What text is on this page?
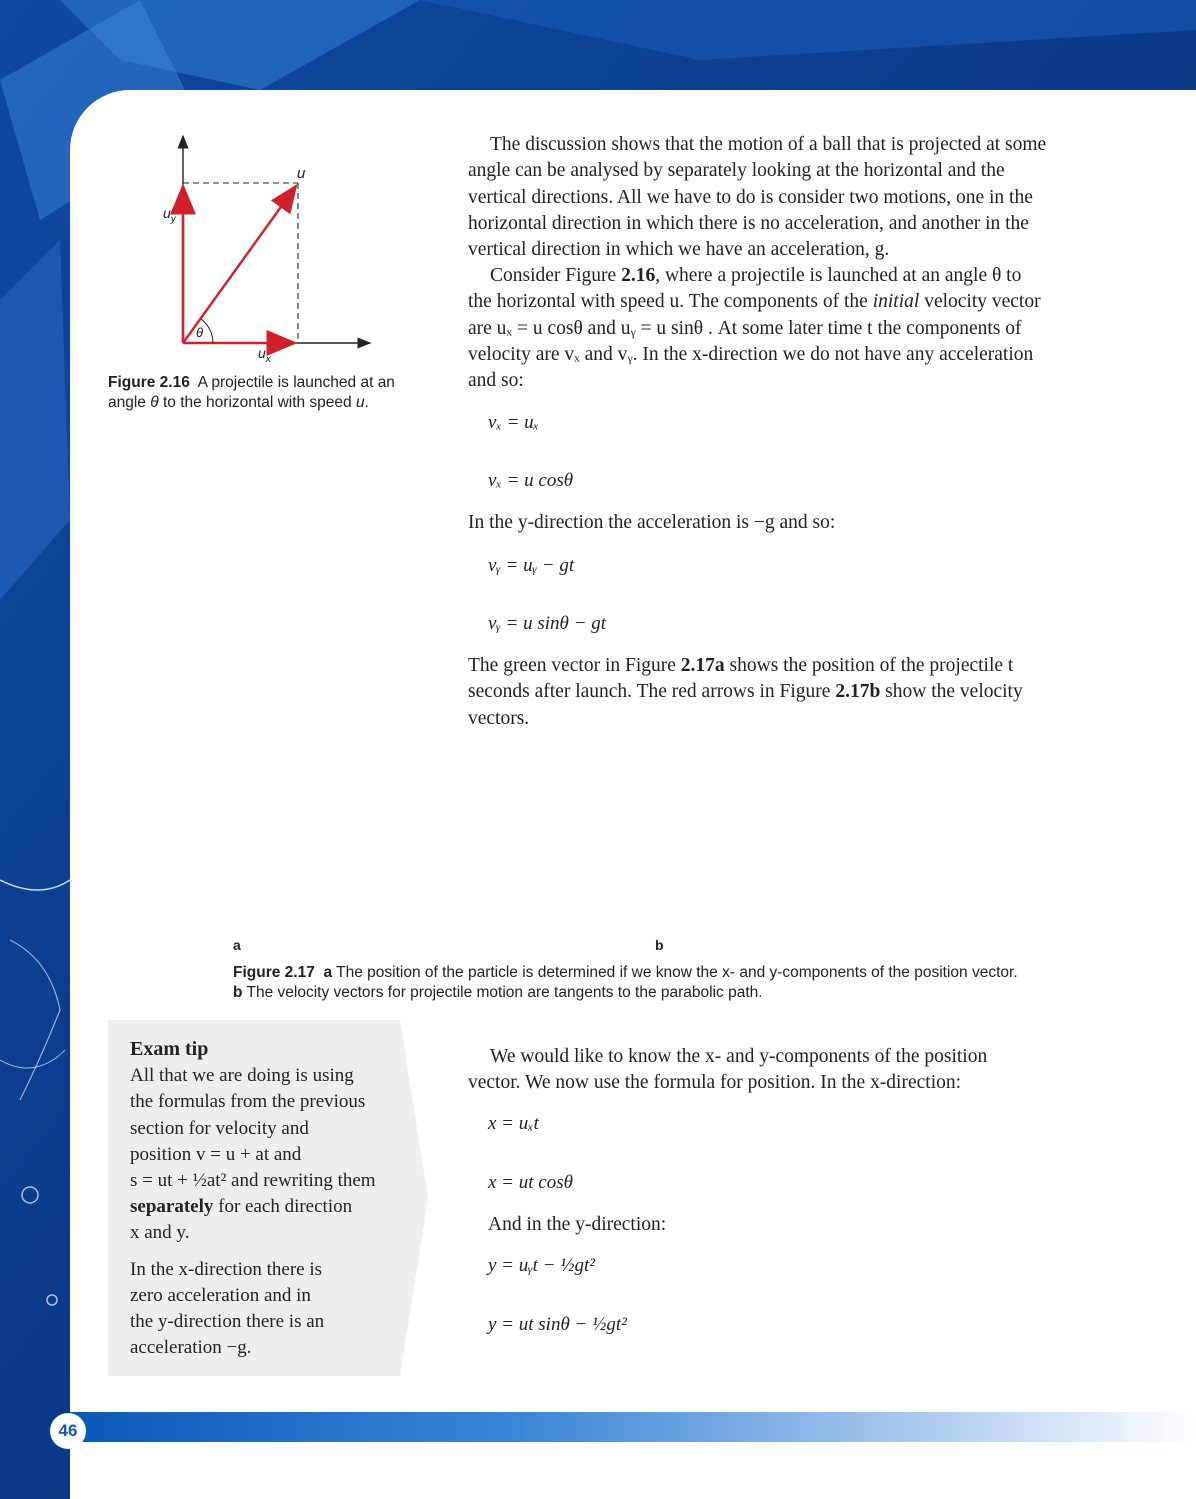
u
$u_y$
$u_x$
θ
Figure 2.16 A projectile is launched at an
angle θ to the horizontal with speed u.

The discussion shows that the motion of a ball that is projected at some

angle can be analysed by separately looking at the horizontal and the

vertical directions. All we have to do is consider two motions, one in the

horizontal direction in which there is no acceleration, and another in the

vertical direction in which we have an acceleration, g.

Consider Figure 2.16, where a projectile is launched at an angle θ to

the horizontal with speed u. The components of the initial velocity vector

are uₓ = u cosθ and uᵧ = u sinθ . At some later time t the components of

velocity are vₓ and vᵧ. In the x-direction we do not have any acceleration

and so:

vₓ = uₓ
vₓ = u cosθ
In the y-direction the acceleration is −g and so:
vᵧ = uᵧ − gt
vᵧ = u sinθ − gt

The green vector in Figure 2.17a shows the position of the projectile t

seconds after launch. The red arrows in Figure 2.17b show the velocity

vectors.

a	b
Figure 2.17 a The position of the particle is determined if we know the x- and y-components of the position vector.
b The velocity vectors for projectile motion are tangents to the parabolic path.

Exam tip

All that we are doing is using

the formulas from the previous

section for velocity and

position v = u + at and

s = ut + ½at² and rewriting them

separately for each direction

x and y.

In the x-direction there is

zero acceleration and in

the y-direction there is an

acceleration −g.

We would like to know the x- and y-components of the position

vector. We now use the formula for position. In the x-direction:

x = uₓt
x = ut cosθ
And in the y-direction:
y = uᵧt − ½gt²
y = ut sinθ − ½gt²
46
